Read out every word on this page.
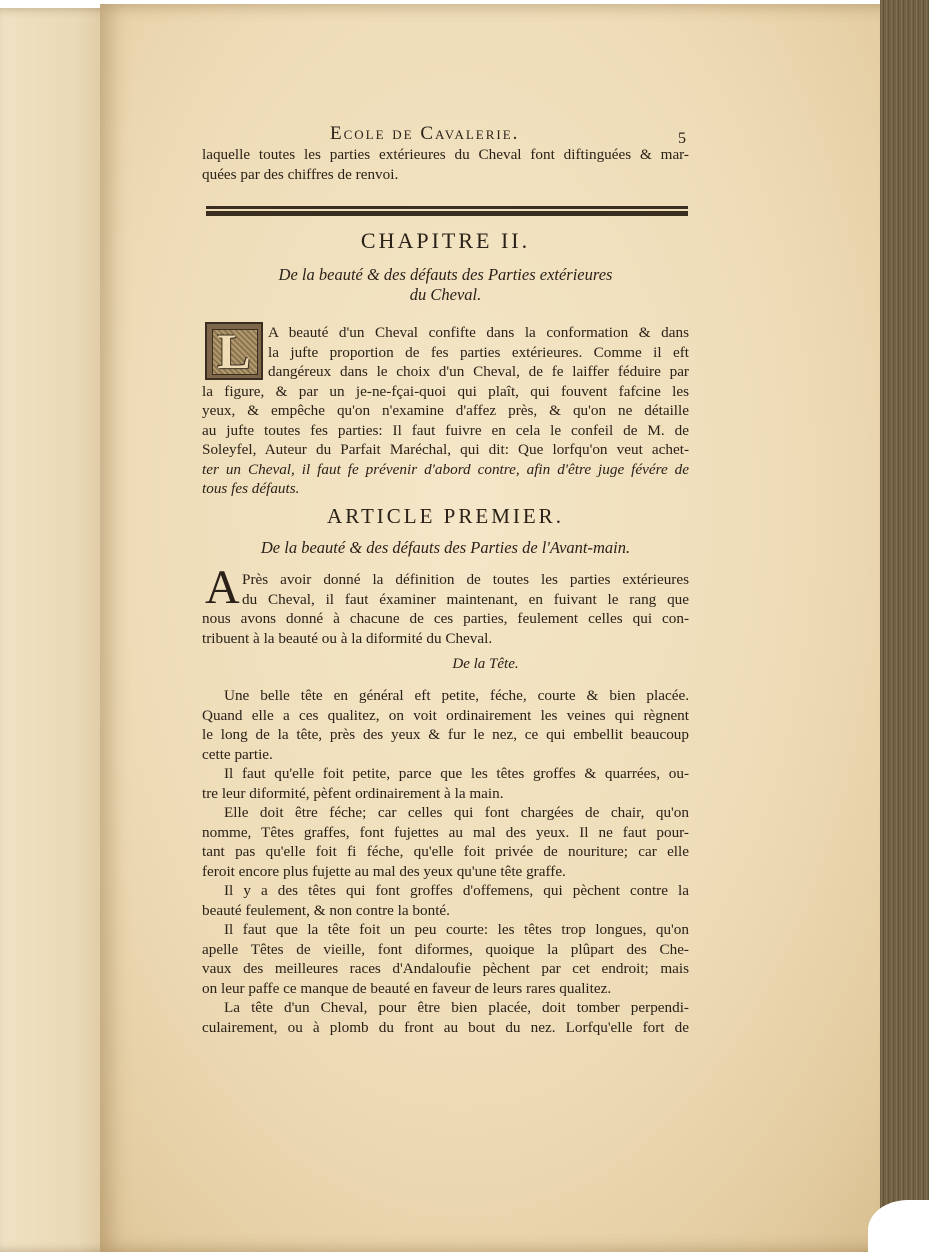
Ecole de Cavalerie.	5

laquelle toutes les parties extérieures du Cheval font diftinguées & mar-
quées par des chiffres de renvoi.

CHAPITRE II.
De la beauté & des défauts des Parties extérieures
du Cheval.
L	A beauté d'un Cheval confifte dans la conformation & dans
la jufte proportion de fes parties extérieures. Comme il eft
dangéreux dans le choix d'un Cheval, de fe laiffer féduire par
la figure, & par un je-ne-fçai-quoi qui plaît, qui fouvent fafcine les
yeux, & empêche qu'on n'examine d'affez près, & qu'on ne détaille
au jufte toutes fes parties: Il faut fuivre en cela le confeil de M. de
Soleyfel, Auteur du Parfait Maréchal, qui dit: Que lorfqu'on veut achet-
ter un Cheval, il faut fe prévenir d'abord contre, afin d'être juge févére de
tous fes défauts.

ARTICLE PREMIER.
De la beauté & des défauts des Parties de l'Avant-main.
A Près avoir donné la définition de toutes les parties extérieures
du Cheval, il faut éxaminer maintenant, en fuivant le rang que
nous avons donné à chacune de ces parties, feulement celles qui con-
tribuent à la beauté ou à la diformité du Cheval.

De la Tête.

Une belle tête en général eft petite, féche, courte & bien placée.
Quand elle a ces qualitez, on voit ordinairement les veines qui règnent
le long de la tête, près des yeux & fur le nez, ce qui embellit beaucoup
cette partie.
Il faut qu'elle foit petite, parce que les têtes groffes & quarrées, ou-
tre leur diformité, pèfent ordinairement à la main.
Elle doit être féche; car celles qui font chargées de chair, qu'on
nomme, Têtes graffes, font fujettes au mal des yeux. Il ne faut pour-
tant pas qu'elle foit fi féche, qu'elle foit privée de nouriture; car elle
feroit encore plus fujette au mal des yeux qu'une tête graffe.
Il y a des têtes qui font groffes d'offemens, qui pèchent contre la
beauté feulement, & non contre la bonté.
Il faut que la tête foit un peu courte: les têtes trop longues, qu'on
apelle Têtes de vieille, font diformes, quoique la plûpart des Che-
vaux des meilleures races d'Andaloufie pèchent par cet endroit; mais
on leur paffe ce manque de beauté en faveur de leurs rares qualitez.
La tête d'un Cheval, pour être bien placée, doit tomber perpendi-
culairement, ou à plomb du front au bout du nez. Lorfqu'elle fort de
